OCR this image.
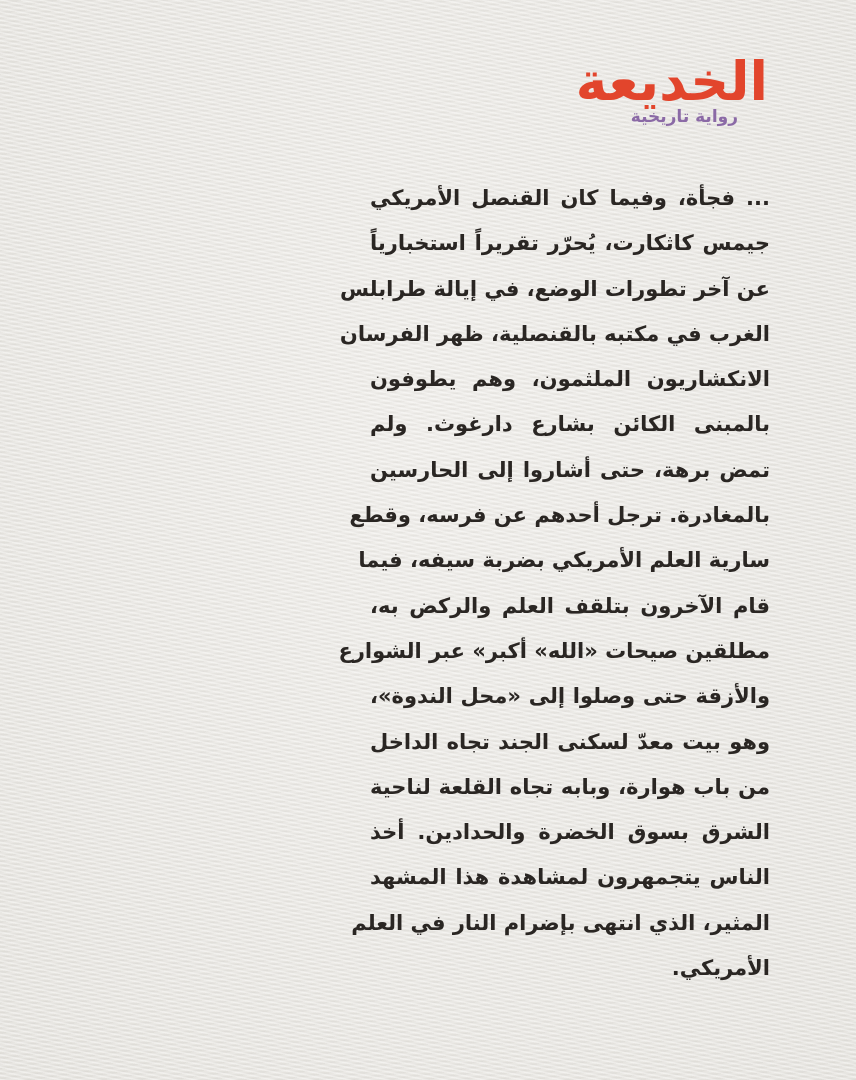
الخديعة
رواية تاريخية
... فجأة، وفيما كان القنصل الأمريكي
جيمس كاثكارت، يُحرّر تقريراً استخبارياً
عن آخر تطورات الوضع، في إيالة طرابلس
الغرب في مكتبه بالقنصلية، ظهر الفرسان
الانكشاريون الملثمون، وهم يطوفون
بالمبنى الكائن بشارع دارغوث. ولم
تمض برهة، حتى أشاروا إلى الحارسين
بالمغادرة. ترجل أحدهم عن فرسه، وقطع
سارية العلم الأمريكي بضربة سيفه، فيما
قام الآخرون بتلقف العلم والركض به،
مطلقين صيحات «الله» أكبر» عبر الشوارع
والأزقة حتى وصلوا إلى «محل الندوة»،
وهو بيت معدّ لسكنى الجند تجاه الداخل
من باب هوارة، وبابه تجاه القلعة لناحية
الشرق بسوق الخضرة والحدادين. أخذ
الناس يتجمهرون لمشاهدة هذا المشهد
المثير، الذي انتهى بإضرام النار في العلم
الأمريكي.
